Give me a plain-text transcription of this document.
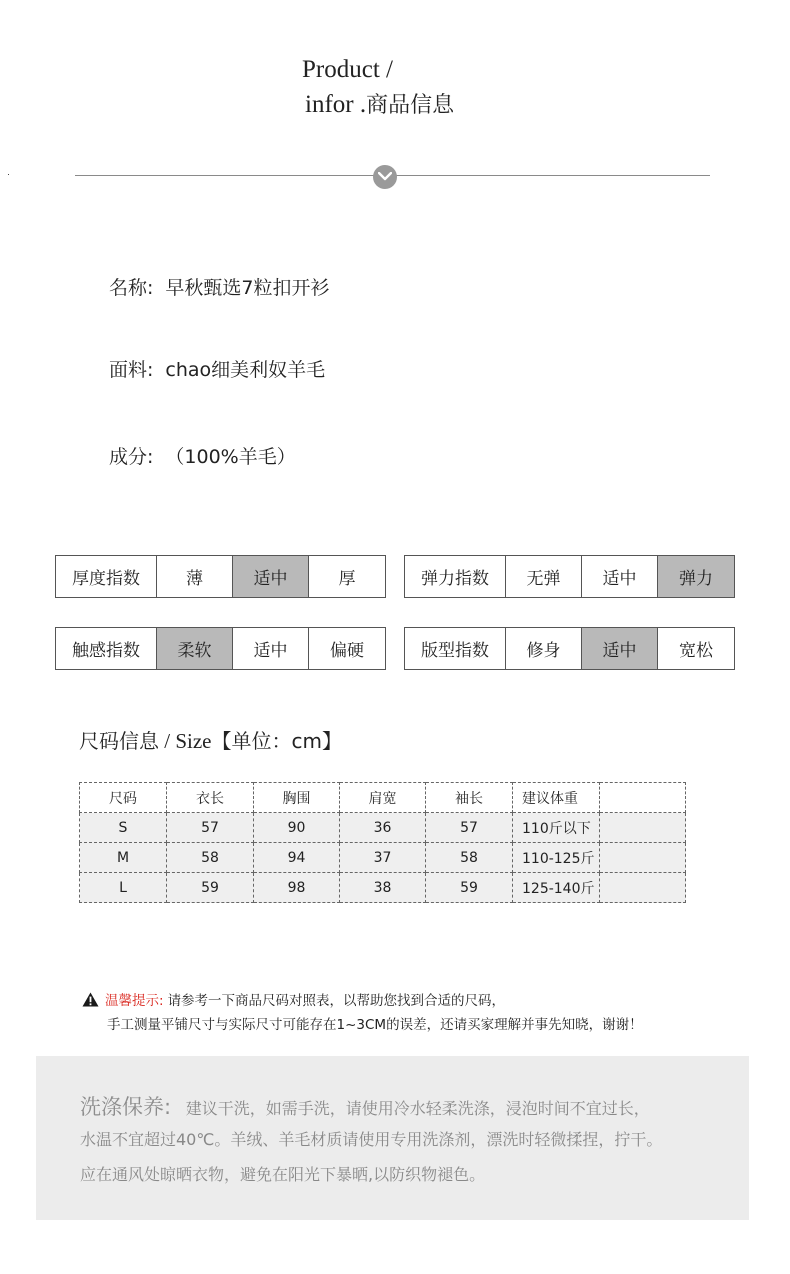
Product /
infor .商品信息
名称: 早秋甄选7粒扣开衫
面料: chao细美利奴羊毛
成分: （100%羊毛）
厚度指数	薄	适中	厚	弹力指数	无弹	适中	弹力
触感指数	柔软	适中	偏硬	版型指数	修身	适中	宽松
尺码信息 / Size【单位：cm】
尺码	衣长	胸围	肩宽	袖长	建议体重	
S	57	90	36	57	110斤以下	
M	58	94	37	58	110-125斤	
L	59	98	38	59	125-140斤	
温馨提示: 请参考一下商品尺码对照表，以帮助您找到合适的尺码，
手工测量平铺尺寸与实际尺寸可能存在1~3CM的误差，还请买家理解并事先知晓，谢谢！
洗涤保养: 建议干洗，如需手洗，请使用冷水轻柔洗涤，浸泡时间不宜过长，
水温不宜超过40℃。羊绒、羊毛材质请使用专用洗涤剂，漂洗时轻微揉捏，拧干。
应在通风处晾晒衣物，避免在阳光下暴晒,以防织物褪色。
